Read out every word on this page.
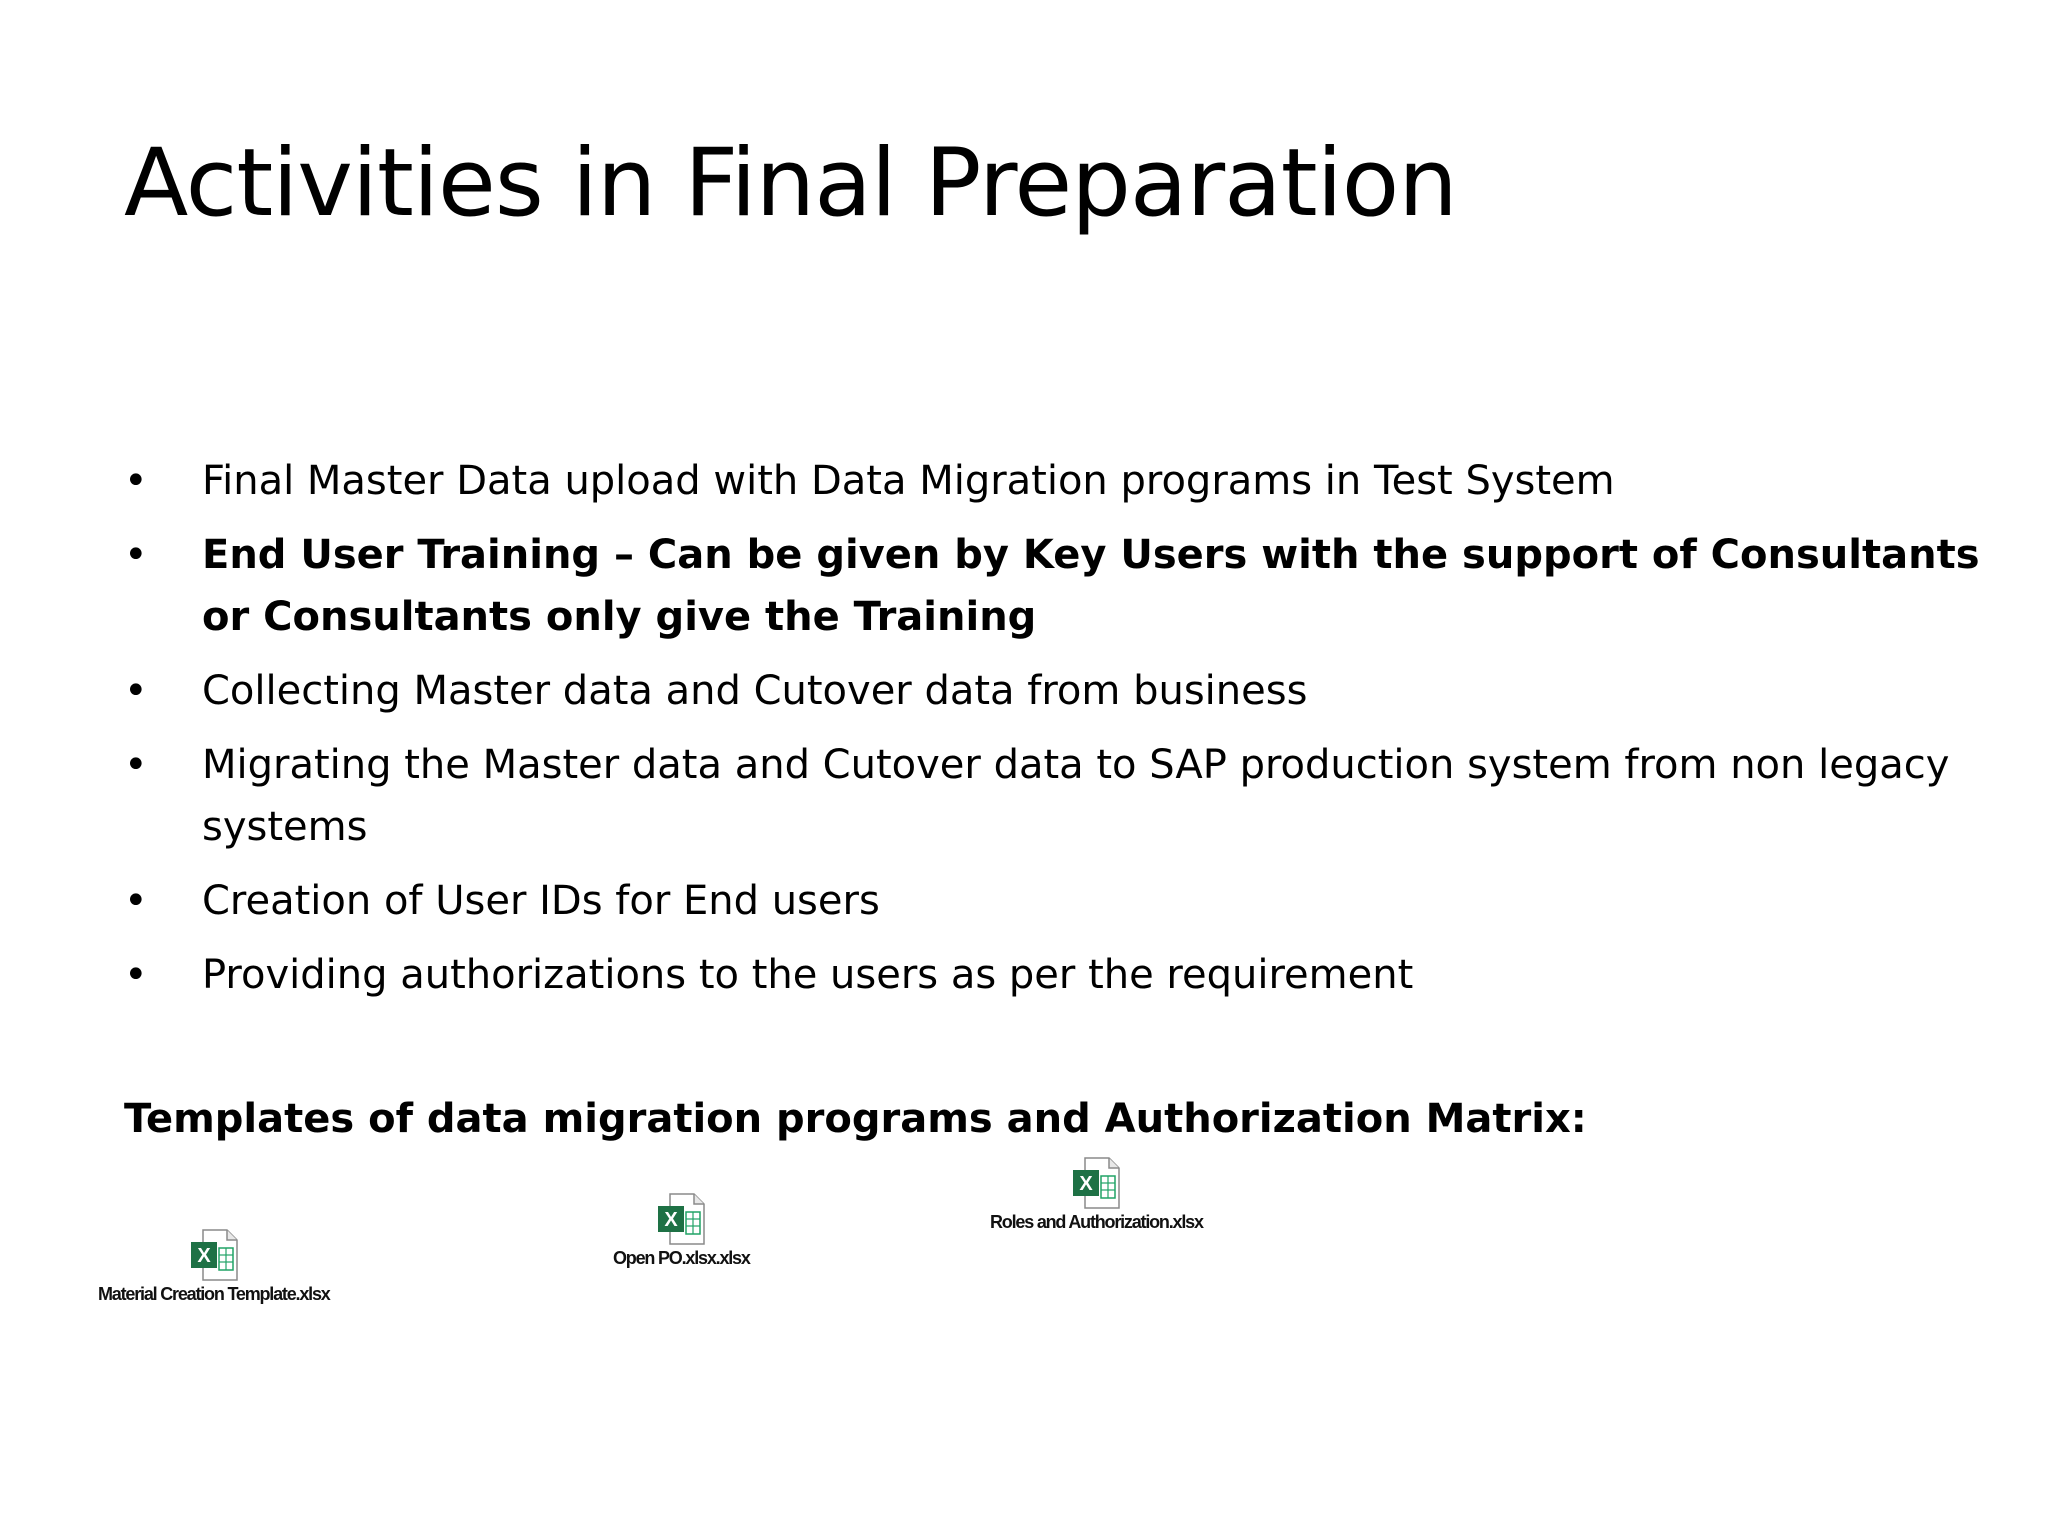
Activities in Final Preparation
• Final Master Data upload with Data Migration programs in Test System
• End User Training – Can be given by Key Users with the support of Consultants or Consultants only give the Training
• Collecting Master data and Cutover data from business
• Migrating the Master data and Cutover data to SAP production system from non legacy systems
• Creation of User IDs for End users
• Providing authorizations to the users as per the requirement
Templates of data migration programs and Authorization Matrix:
X
Material Creation Template.xlsx
X
Open PO.xlsx.xlsx
X
Roles and Authorization.xlsx
